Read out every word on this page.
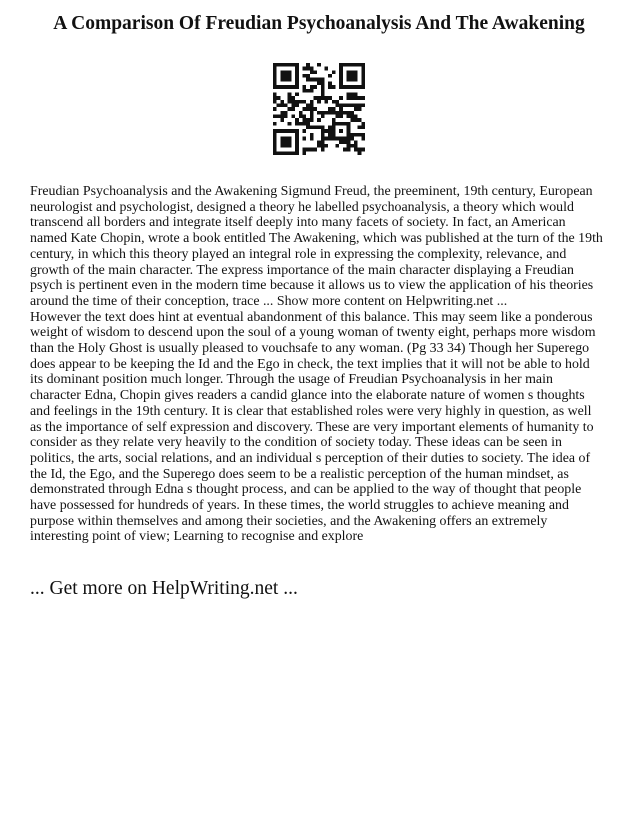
A Comparison Of Freudian Psychoanalysis And The Awakening

Freudian Psychoanalysis and the Awakening Sigmund Freud, the preeminent, 19th century, European neurologist and psychologist, designed a theory he labelled psychoanalysis, a theory which would transcend all borders and integrate itself deeply into many facets of society. In fact, an American named Kate Chopin, wrote a book entitled The Awakening, which was published at the turn of the 19th century, in which this theory played an integral role in expressing the complexity, relevance, and growth of the main character. The express importance of the main character displaying a Freudian psych is pertinent even in the modern time because it allows us to view the application of his theories around the time of their conception, trace ... Show more content on Helpwriting.net ...

However the text does hint at eventual abandonment of this balance. This may seem like a ponderous weight of wisdom to descend upon the soul of a young woman of twenty eight, perhaps more wisdom than the Holy Ghost is usually pleased to vouchsafe to any woman. (Pg 33 34) Though her Superego does appear to be keeping the Id and the Ego in check, the text implies that it will not be able to hold its dominant position much longer. Through the usage of Freudian Psychoanalysis in her main character Edna, Chopin gives readers a candid glance into the elaborate nature of women s thoughts and feelings in the 19th century. It is clear that established roles were very highly in question, as well as the importance of self expression and discovery. These are very important elements of humanity to consider as they relate very heavily to the condition of society today. These ideas can be seen in politics, the arts, social relations, and an individual s perception of their duties to society. The idea of the Id, the Ego, and the Superego does seem to be a realistic perception of the human mindset, as demonstrated through Edna s thought process, and can be applied to the way of thought that people have possessed for hundreds of years. In these times, the world struggles to achieve meaning and purpose within themselves and among their societies, and the Awakening offers an extremely interesting point of view; Learning to recognise and explore

... Get more on HelpWriting.net ...
